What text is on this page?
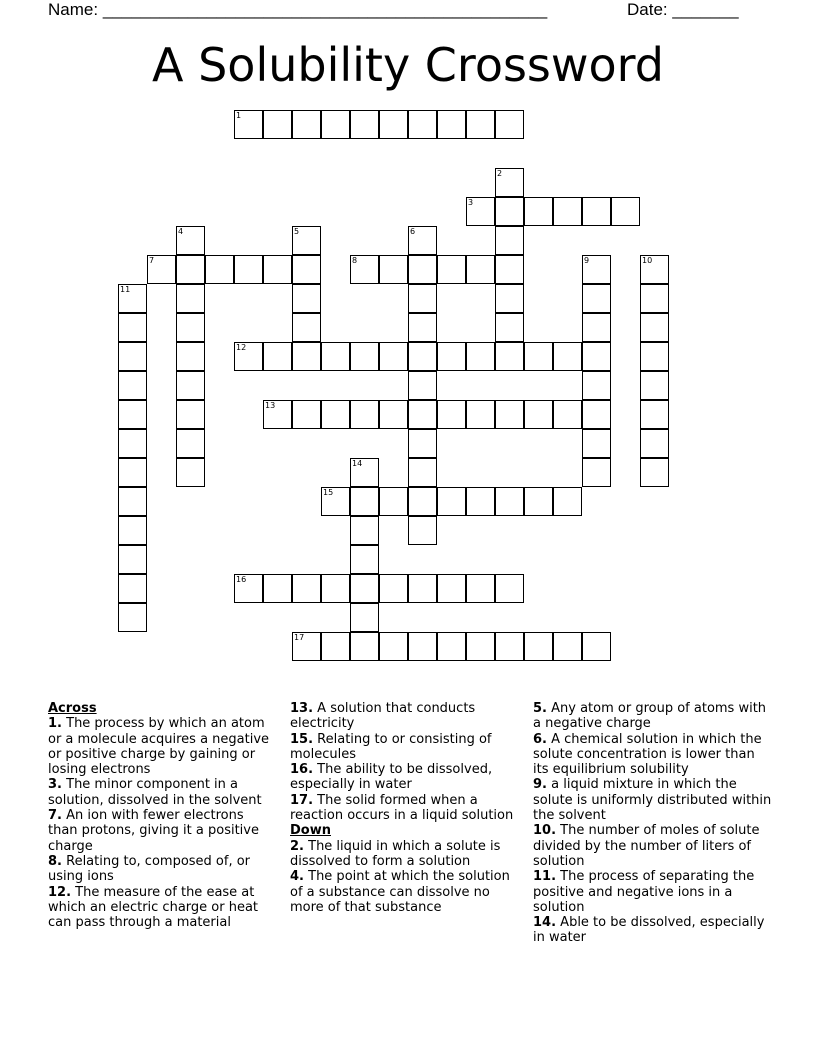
Name: _______________________________________________	Date: _______
A Solubility Crossword
1
2
3
4	5	6
7	8	9	10
11
12
13
14
15
16
17
Across
1. The process by which an atom or a molecule acquires a negative or positive charge by gaining or losing electrons
3. The minor component in a solution, dissolved in the solvent
7. An ion with fewer electrons than protons, giving it a positive charge
8. Relating to, composed of, or using ions
12. The measure of the ease at which an electric charge or heat can pass through a material
13. A solution that conducts electricity
15. Relating to or consisting of molecules
16. The ability to be dissolved, especially in water
17. The solid formed when a reaction occurs in a liquid solution
Down
2. The liquid in which a solute is dissolved to form a solution
4. The point at which the solution of a substance can dissolve no more of that substance
5. Any atom or group of atoms with a negative charge
6. A chemical solution in which the solute concentration is lower than its equilibrium solubility
9. a liquid mixture in which the solute is uniformly distributed within the solvent
10. The number of moles of solute divided by the number of liters of solution
11. The process of separating the positive and negative ions in a solution
14. Able to be dissolved, especially in water
